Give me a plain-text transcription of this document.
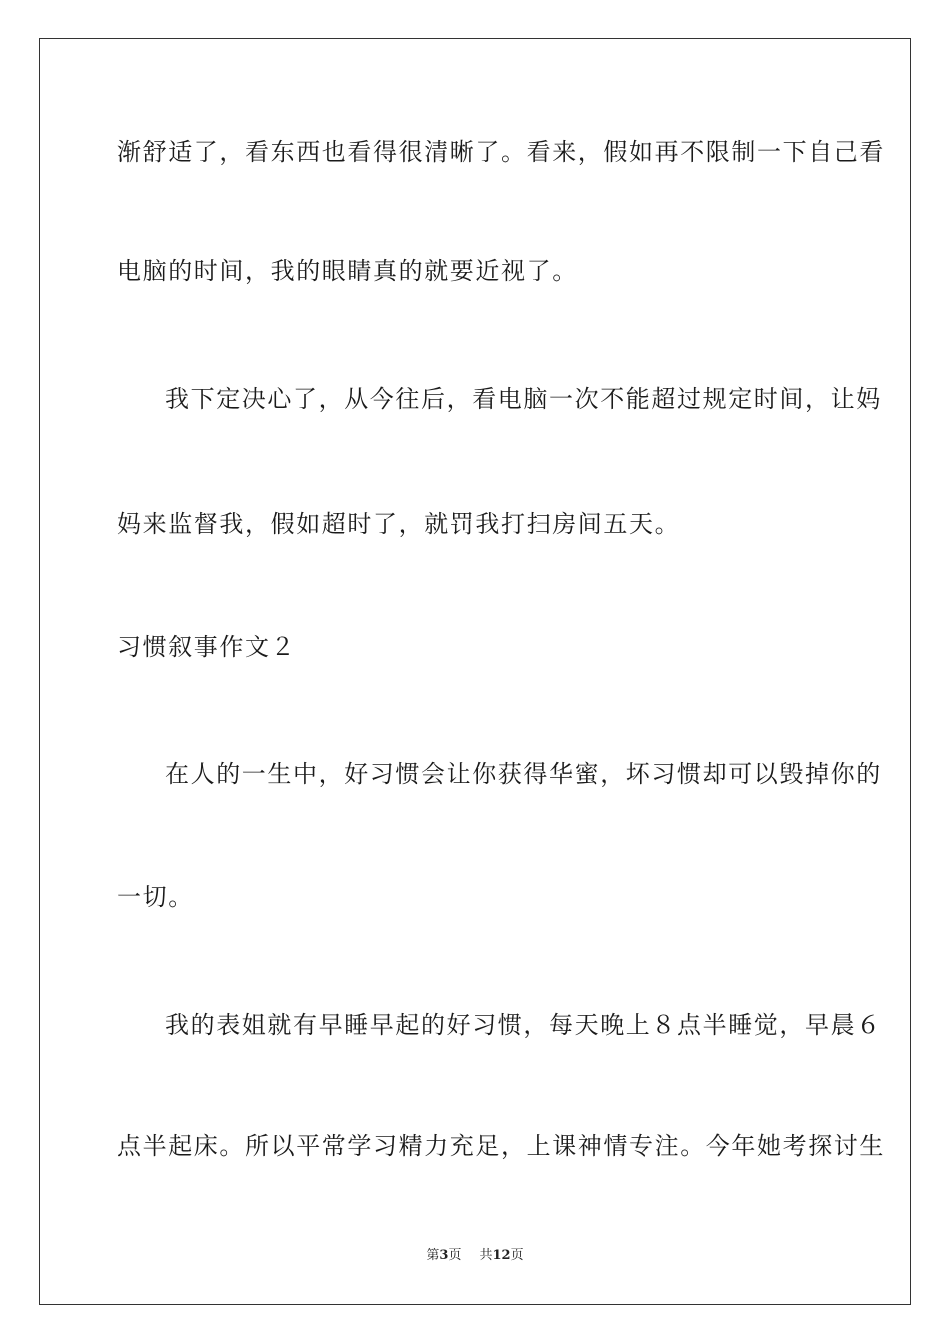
渐舒适了，看东西也看得很清晰了。看来，假如再不限制一下自己看
电脑的时间，我的眼睛真的就要近视了。
我下定决心了，从今往后，看电脑一次不能超过规定时间，让妈
妈来监督我，假如超时了，就罚我打扫房间五天。
习惯叙事作文２
在人的一生中，好习惯会让你获得华蜜，坏习惯却可以毁掉你的
一切。
我的表姐就有早睡早起的好习惯，每天晚上８点半睡觉，早晨６
点半起床。所以平常学习精力充足，上课神情专注。今年她考探讨生
第3页 共12页
